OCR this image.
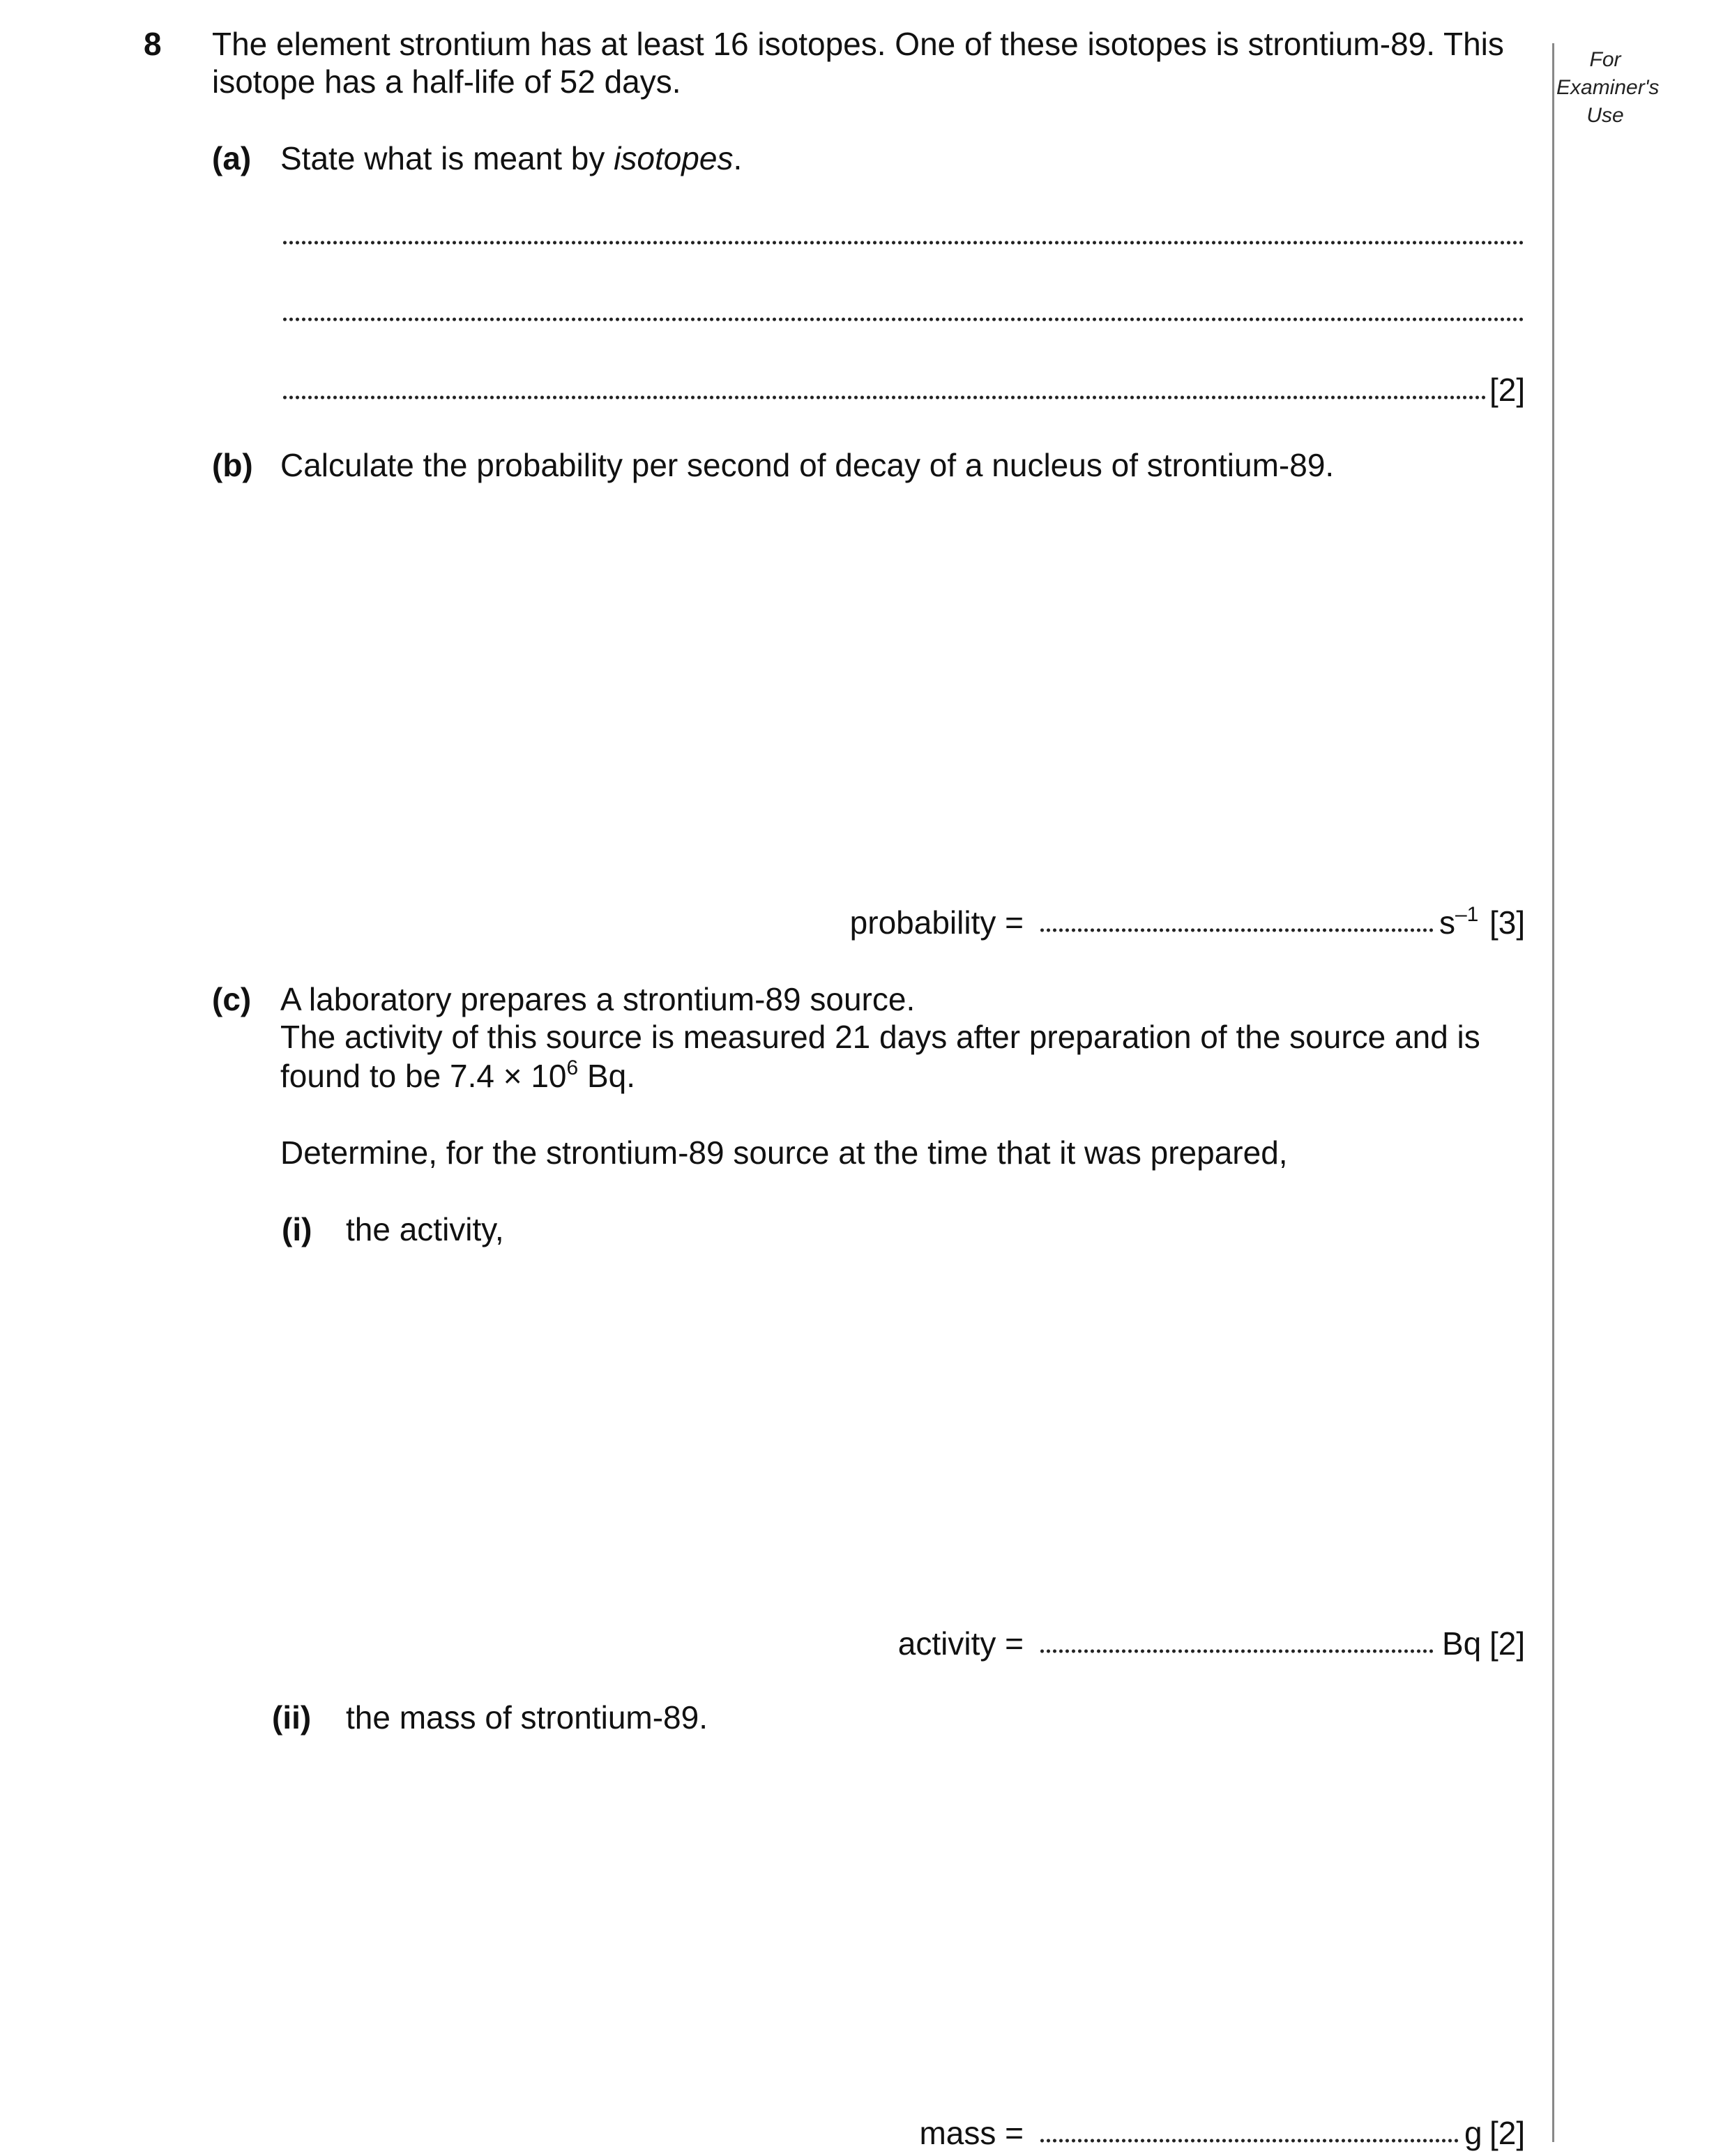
For
Examiner's
Use
8 The element strontium has at least 16 isotopes. One of these isotopes is strontium-89. This
isotope has a half-life of 52 days.
(a) State what is meant by isotopes.
[2]
(b) Calculate the probability per second of decay of a nucleus of strontium-89.
probability =	$s^{-1}$ [3]
(c) A laboratory prepares a strontium-89 source.
The activity of this source is measured 21 days after preparation of the source and is
found to be $7.4 \times 10^6$ Bq.
Determine, for the strontium-89 source at the time that it was prepared,
(i) the activity,
activity =	Bq [2]
(ii) the mass of strontium-89.
mass =	g [2]
